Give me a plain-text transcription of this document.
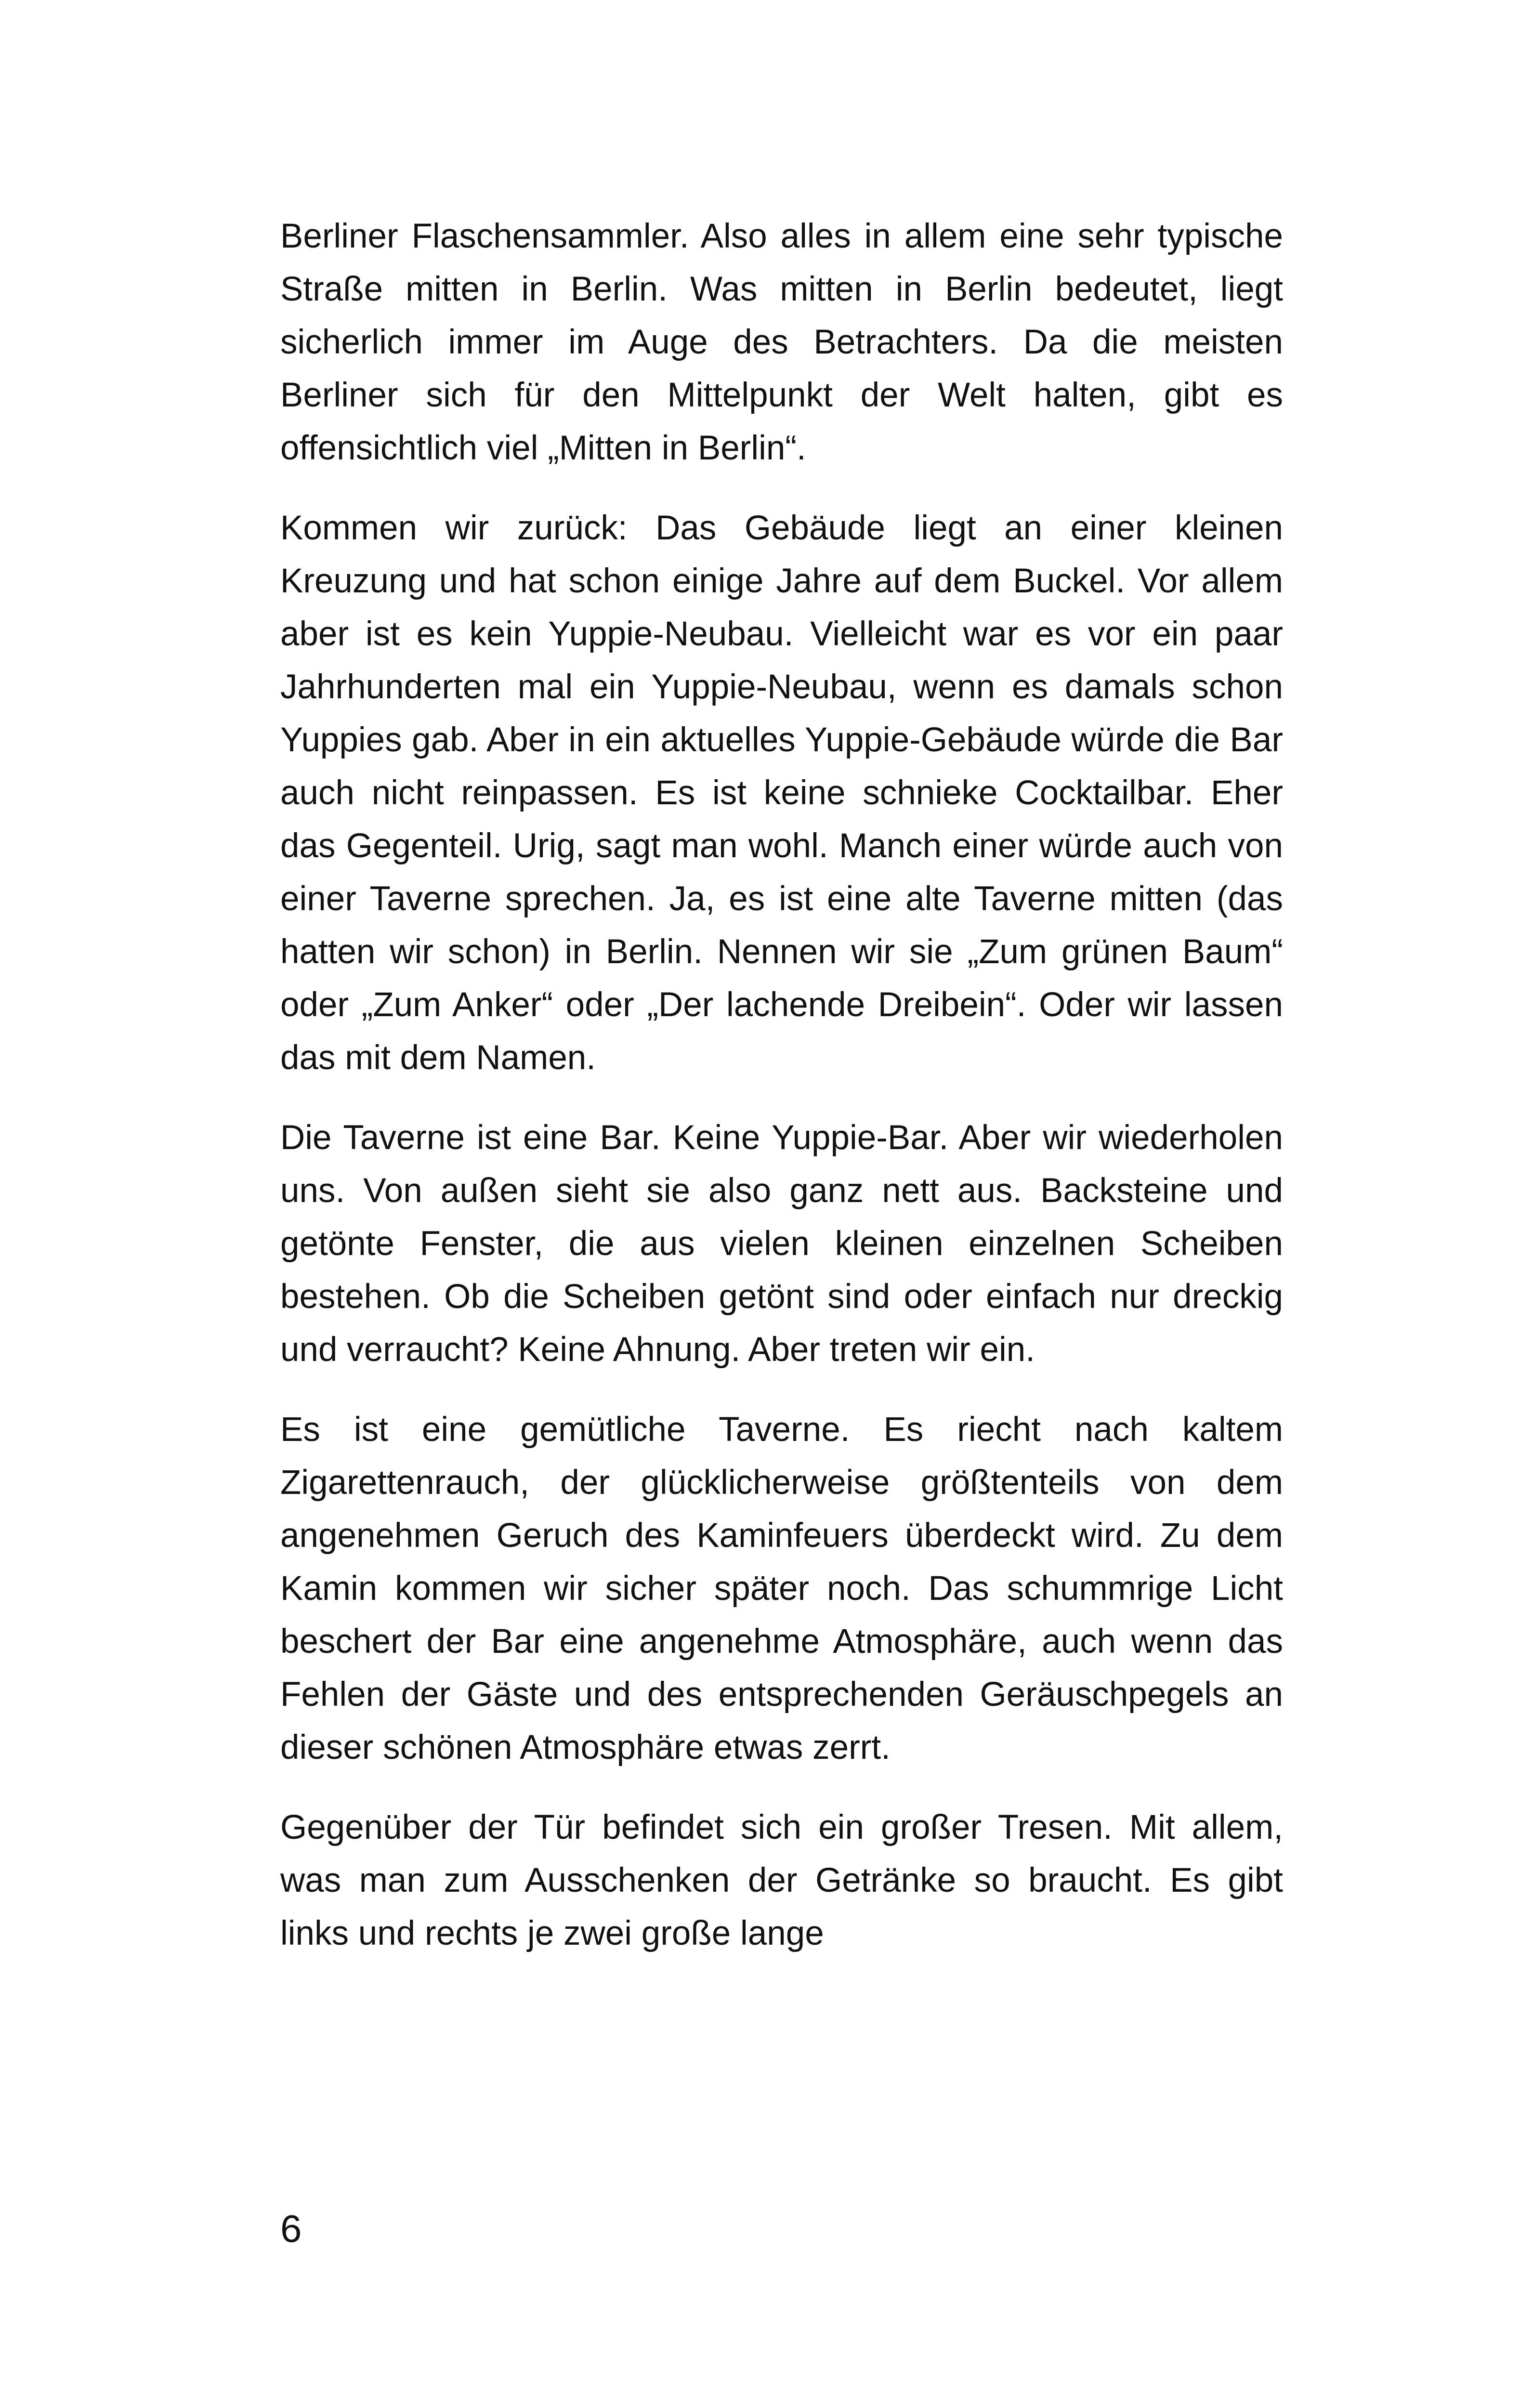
Berliner Flaschensammler. Also alles in allem eine sehr typische Straße mitten in Berlin. Was mitten in Berlin bedeutet, liegt sicherlich immer im Auge des Betrachters. Da die meisten Berliner sich für den Mittelpunkt der Welt halten, gibt es offensichtlich viel „Mitten in Berlin“.

Kommen wir zurück: Das Gebäude liegt an einer kleinen Kreuzung und hat schon einige Jahre auf dem Buckel. Vor allem aber ist es kein Yuppie-Neubau. Vielleicht war es vor ein paar Jahrhunderten mal ein Yuppie-Neubau, wenn es damals schon Yuppies gab. Aber in ein aktuelles Yuppie-Gebäude würde die Bar auch nicht reinpassen. Es ist keine schnieke Cocktailbar. Eher das Gegenteil. Urig, sagt man wohl. Manch einer würde auch von einer Taverne sprechen. Ja, es ist eine alte Taverne mitten (das hatten wir schon) in Berlin. Nennen wir sie „Zum grünen Baum“ oder „Zum Anker“ oder „Der lachende Dreibein“. Oder wir lassen das mit dem Namen.

Die Taverne ist eine Bar. Keine Yuppie-Bar. Aber wir wiederholen uns. Von außen sieht sie also ganz nett aus. Backsteine und getönte Fenster, die aus vielen kleinen einzelnen Scheiben bestehen. Ob die Scheiben getönt sind oder einfach nur dreckig und verraucht? Keine Ahnung. Aber treten wir ein.

Es ist eine gemütliche Taverne. Es riecht nach kaltem Zigarettenrauch, der glücklicherweise größtenteils von dem angenehmen Geruch des Kaminfeuers überdeckt wird. Zu dem Kamin kommen wir sicher später noch. Das schummrige Licht beschert der Bar eine angenehme Atmosphäre, auch wenn das Fehlen der Gäste und des entsprechenden Geräuschpegels an dieser schönen Atmosphäre etwas zerrt.

Gegenüber der Tür befindet sich ein großer Tresen. Mit allem, was man zum Ausschenken der Getränke so braucht. Es gibt links und rechts je zwei große lange

6
